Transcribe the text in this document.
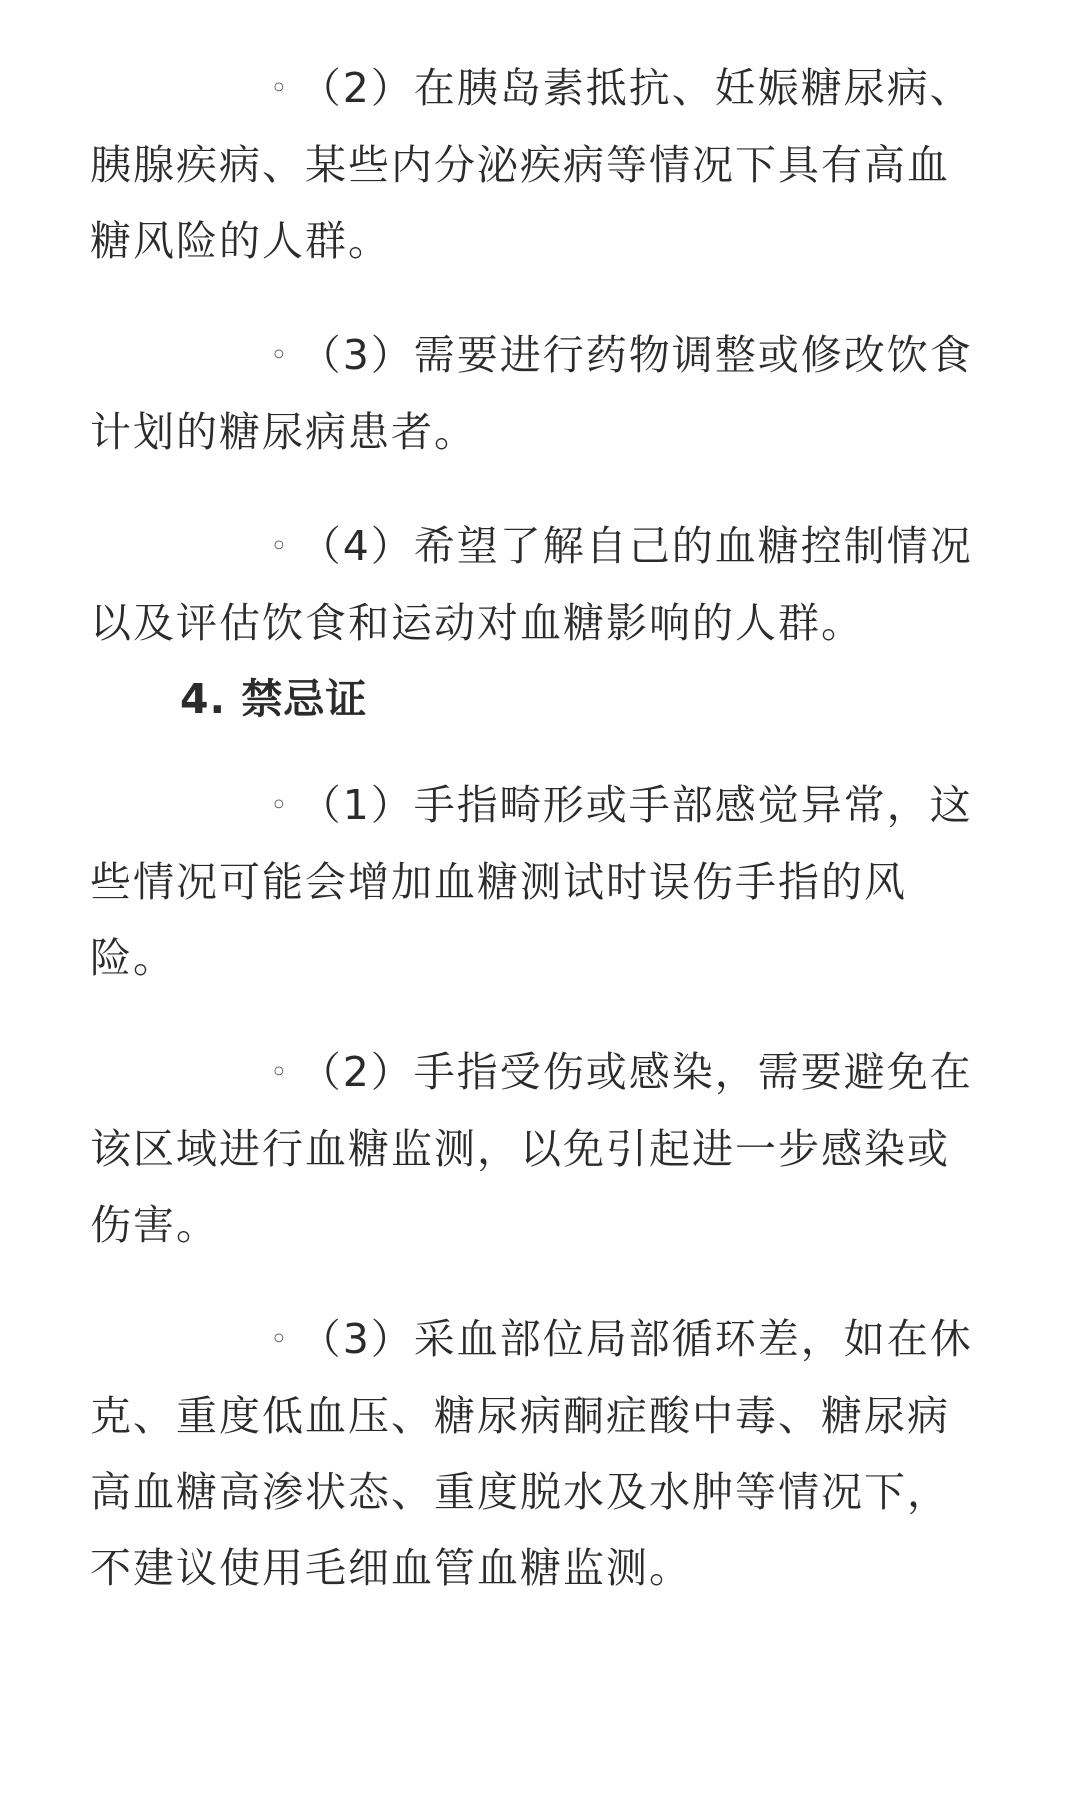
◦ （2）在胰岛素抵抗、妊娠糖尿病、胰腺疾病、某些内分泌疾病等情况下具有高血糖风险的人群。

◦ （3）需要进行药物调整或修改饮食计划的糖尿病患者。

◦ （4）希望了解自己的血糖控制情况以及评估饮食和运动对血糖影响的人群。

4. 禁忌证

◦ （1）手指畸形或手部感觉异常，这些情况可能会增加血糖测试时误伤手指的风险。

◦ （2）手指受伤或感染，需要避免在该区域进行血糖监测，以免引起进一步感染或伤害。

◦ （3）采血部位局部循环差，如在休克、重度低血压、糖尿病酮症酸中毒、糖尿病高血糖高渗状态、重度脱水及水肿等情况下，不建议使用毛细血管血糖监测。
